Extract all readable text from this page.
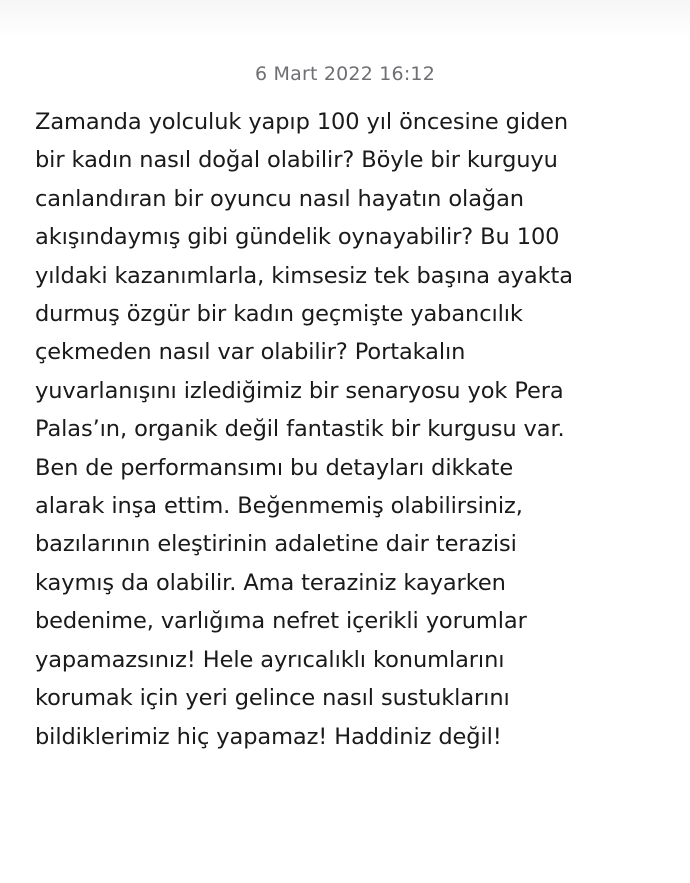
6 Mart 2022 16:12
Zamanda yolculuk yapıp 100 yıl öncesine giden
bir kadın nasıl doğal olabilir? Böyle bir kurguyu
canlandıran bir oyuncu nasıl hayatın olağan
akışındaymış gibi gündelik oynayabilir? Bu 100
yıldaki kazanımlarla, kimsesiz tek başına ayakta
durmuş özgür bir kadın geçmişte yabancılık
çekmeden nasıl var olabilir? Portakalın
yuvarlanışını izlediğimiz bir senaryosu yok Pera
Palas’ın, organik değil fantastik bir kurgusu var.
Ben de performansımı bu detayları dikkate
alarak inşa ettim. Beğenmemiş olabilirsiniz,
bazılarının eleştirinin adaletine dair terazisi
kaymış da olabilir. Ama teraziniz kayarken
bedenime, varlığıma nefret içerikli yorumlar
yapamazsınız! Hele ayrıcalıklı konumlarını
korumak için yeri gelince nasıl sustuklarını
bildiklerimiz hiç yapamaz! Haddiniz değil!
